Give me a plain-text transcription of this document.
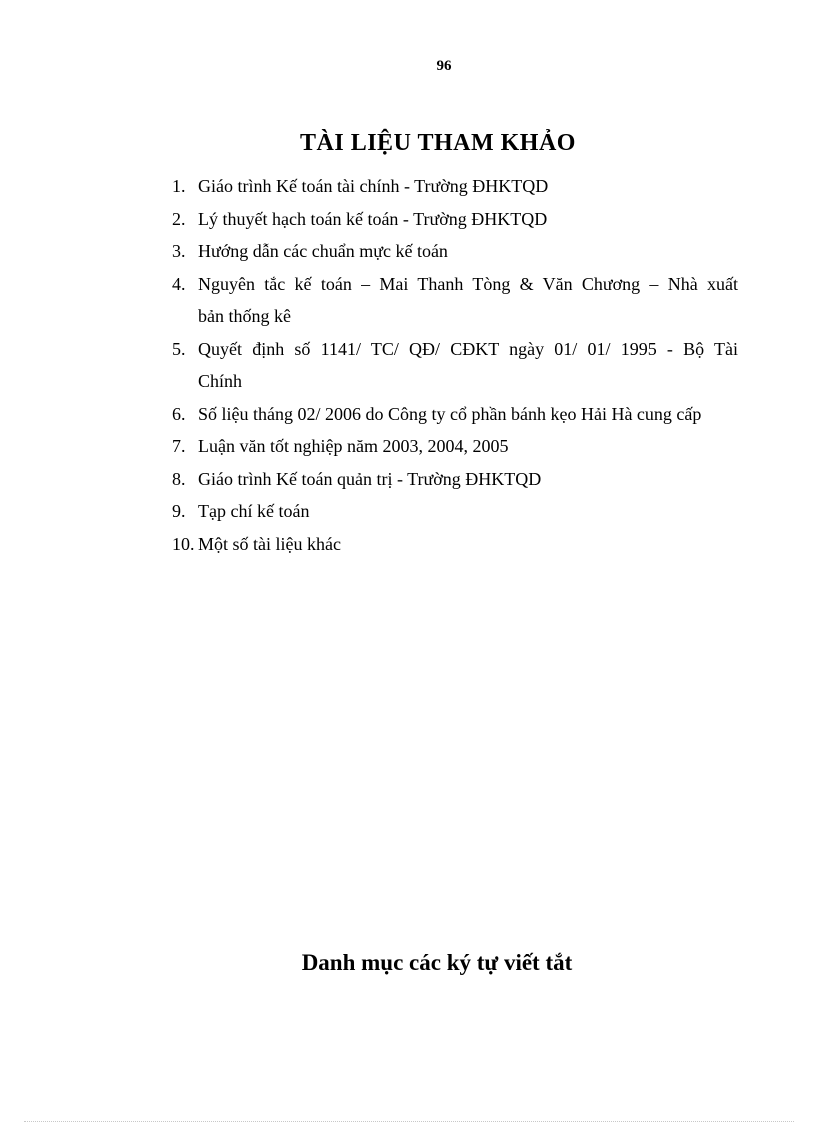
96
TÀI LIỆU THAM KHẢO
1. Giáo trình Kế toán tài chính - Trường ĐHKTQD
2. Lý thuyết hạch toán kế toán - Trường ĐHKTQD
3. Hướng dẫn các chuẩn mực kế toán
4. Nguyên tắc kế toán – Mai Thanh Tòng & Văn Chương – Nhà xuất
bản thống kê
5. Quyết định số 1141/ TC/ QĐ/ CĐKT ngày 01/ 01/ 1995 - Bộ Tài
Chính
6. Số liệu tháng 02/ 2006 do Công ty cổ phần bánh kẹo Hải Hà cung cấp
7. Luận văn tốt nghiệp năm 2003, 2004, 2005
8. Giáo trình Kế toán quản trị - Trường ĐHKTQD
9. Tạp chí kế toán
10. Một số tài liệu khác
Danh mục các ký tự viết tắt
